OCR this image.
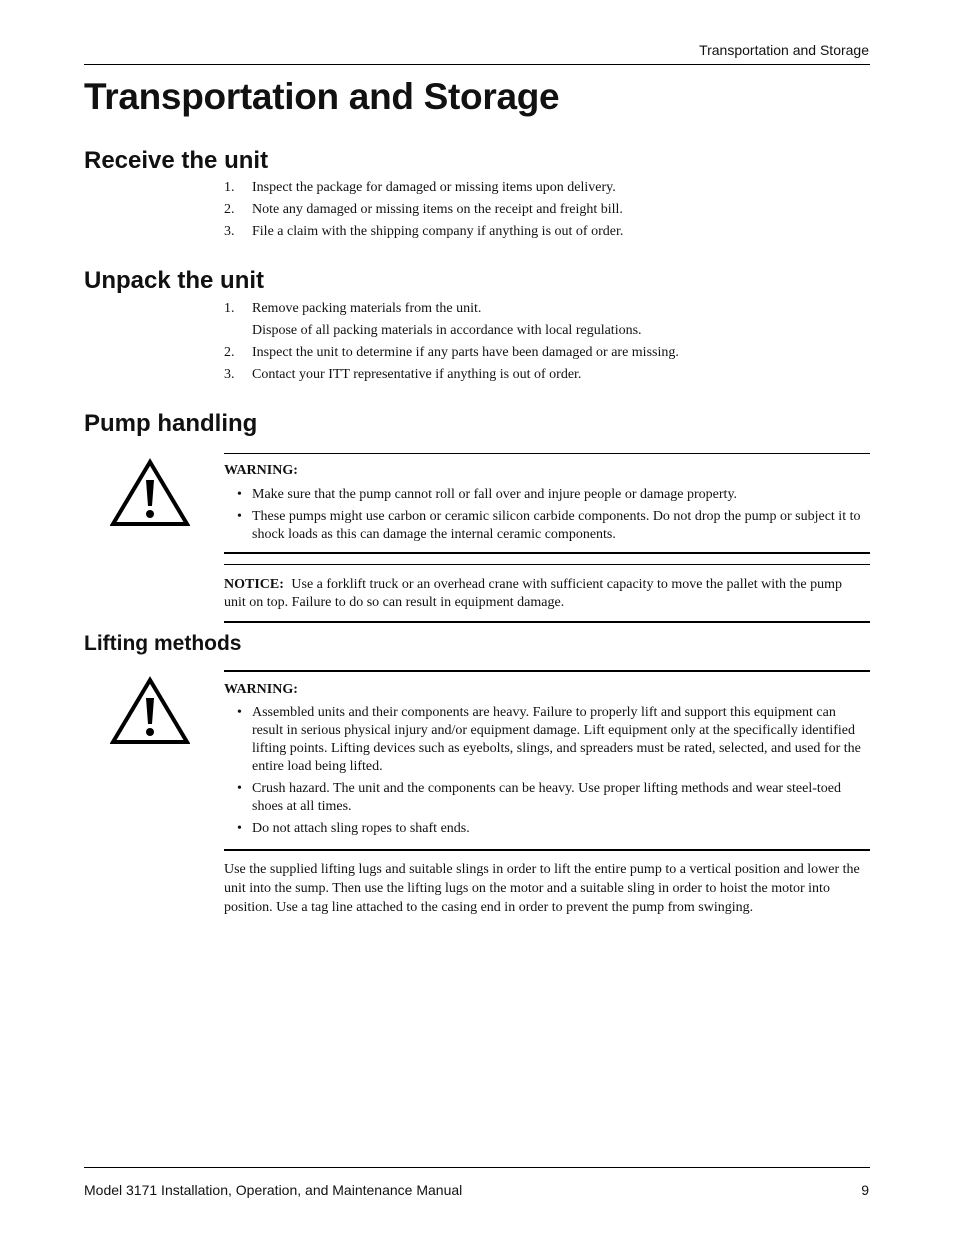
Transportation and Storage
Transportation and Storage
Receive the unit
1. Inspect the package for damaged or missing items upon delivery.
2. Note any damaged or missing items on the receipt and freight bill.
3. File a claim with the shipping company if anything is out of order.
Unpack the unit
1. Remove packing materials from the unit.
Dispose of all packing materials in accordance with local regulations.
2. Inspect the unit to determine if any parts have been damaged or are missing.
3. Contact your ITT representative if anything is out of order.
Pump handling
WARNING:
• Make sure that the pump cannot roll or fall over and injure people or damage property.
• These pumps might use carbon or ceramic silicon carbide components. Do not drop the pump or subject it to shock loads as this can damage the internal ceramic components.

NOTICE: Use a forklift truck or an overhead crane with sufficient capacity to move the pallet with the pump unit on top. Failure to do so can result in equipment damage.

Lifting methods
WARNING:
• Assembled units and their components are heavy. Failure to properly lift and support this equipment can result in serious physical injury and/or equipment damage. Lift equipment only at the specifically identified lifting points. Lifting devices such as eyebolts, slings, and spreaders must be rated, selected, and used for the entire load being lifted.
• Crush hazard. The unit and the components can be heavy. Use proper lifting methods and wear steel-toed shoes at all times.
• Do not attach sling ropes to shaft ends.

Use the supplied lifting lugs and suitable slings in order to lift the entire pump to a vertical position and lower the unit into the sump. Then use the lifting lugs on the motor and a suitable sling in order to hoist the motor into position. Use a tag line attached to the casing end in order to prevent the pump from swinging.

Model 3171 Installation, Operation, and Maintenance Manual	9
